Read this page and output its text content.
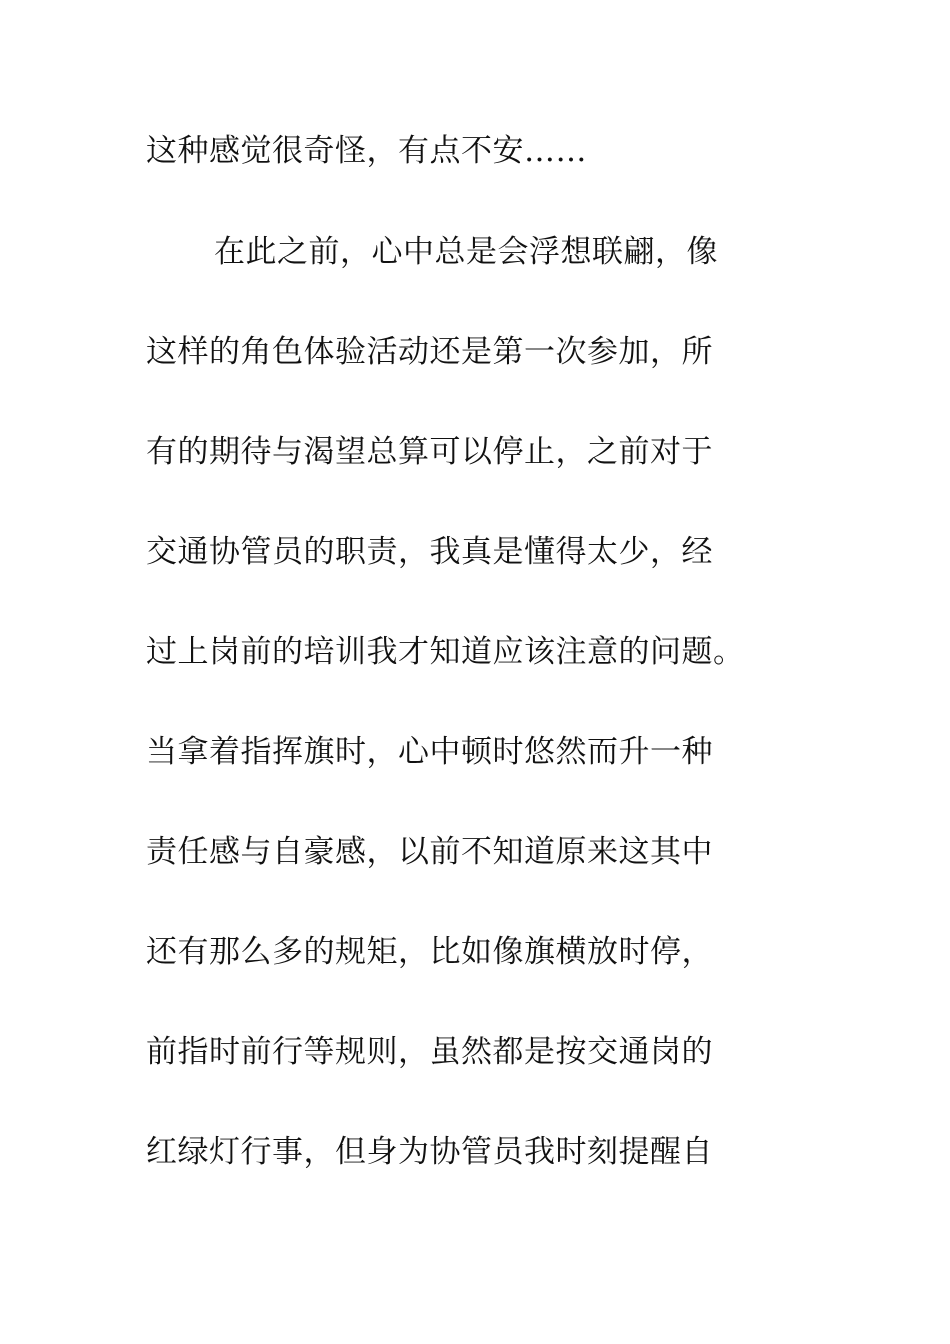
这种感觉很奇怪，有点不安……
在此之前，心中总是会浮想联翩，像
这样的角色体验活动还是第一次参加，所
有的期待与渴望总算可以停止，之前对于
交通协管员的职责，我真是懂得太少，经
过上岗前的培训我才知道应该注意的问题。
当拿着指挥旗时，心中顿时悠然而升一种
责任感与自豪感，以前不知道原来这其中
还有那么多的规矩，比如像旗横放时停，
前指时前行等规则，虽然都是按交通岗的
红绿灯行事，但身为协管员我时刻提醒自
